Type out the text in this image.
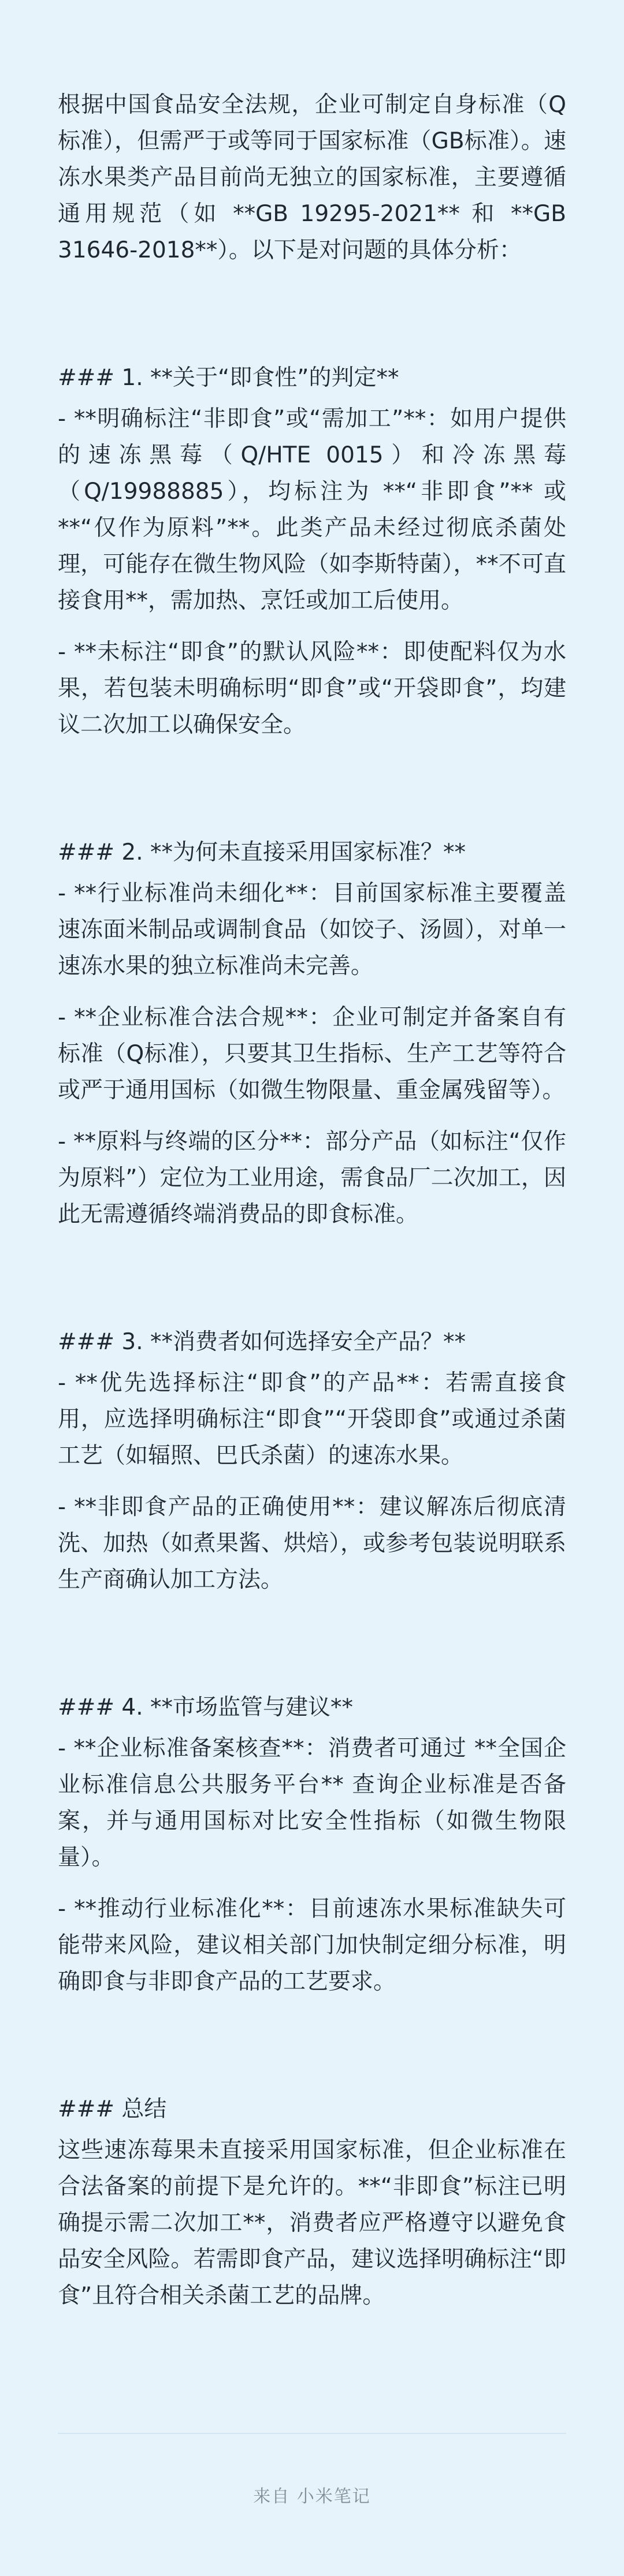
根据中国食品安全法规，企业可制定自身标准（Q标准），但需严于或等同于国家标准（GB标准）。速冻水果类产品目前尚无独立的国家标准，主要遵循通用规范（如 **GB 19295-2021** 和 **GB 31646-2018**）。以下是对问题的具体分析：

### 1. **关于“即食性”的判定**

- **明确标注“非即食”或“需加工”**：如用户提供的速冻黑莓（Q/HTE 0015）和冷冻黑莓（Q/19988885），均标注为 **“非即食”** 或 **“仅作为原料”**。此类产品未经过彻底杀菌处理，可能存在微生物风险（如李斯特菌），**不可直接食用**，需加热、烹饪或加工后使用。

- **未标注“即食”的默认风险**：即使配料仅为水果，若包装未明确标明“即食”或“开袋即食”，均建议二次加工以确保安全。

### 2. **为何未直接采用国家标准？**

- **行业标准尚未细化**：目前国家标准主要覆盖速冻面米制品或调制食品（如饺子、汤圆），对单一速冻水果的独立标准尚未完善。

- **企业标准合法合规**：企业可制定并备案自有标准（Q标准），只要其卫生指标、生产工艺等符合或严于通用国标（如微生物限量、重金属残留等）。

- **原料与终端的区分**：部分产品（如标注“仅作为原料”）定位为工业用途，需食品厂二次加工，因此无需遵循终端消费品的即食标准。

### 3. **消费者如何选择安全产品？**

- **优先选择标注“即食”的产品**：若需直接食用，应选择明确标注“即食”“开袋即食”或通过杀菌工艺（如辐照、巴氏杀菌）的速冻水果。

- **非即食产品的正确使用**：建议解冻后彻底清洗、加热（如煮果酱、烘焙），或参考包装说明联系生产商确认加工方法。

### 4. **市场监管与建议**

- **企业标准备案核查**：消费者可通过 **全国企业标准信息公共服务平台** 查询企业标准是否备案，并与通用国标对比安全性指标（如微生物限量）。

- **推动行业标准化**：目前速冻水果标准缺失可能带来风险，建议相关部门加快制定细分标准，明确即食与非即食产品的工艺要求。

### 总结

这些速冻莓果未直接采用国家标准，但企业标准在合法备案的前提下是允许的。**“非即食”标注已明确提示需二次加工**，消费者应严格遵守以避免食品安全风险。若需即食产品，建议选择明确标注“即食”且符合相关杀菌工艺的品牌。

来自 小米笔记
